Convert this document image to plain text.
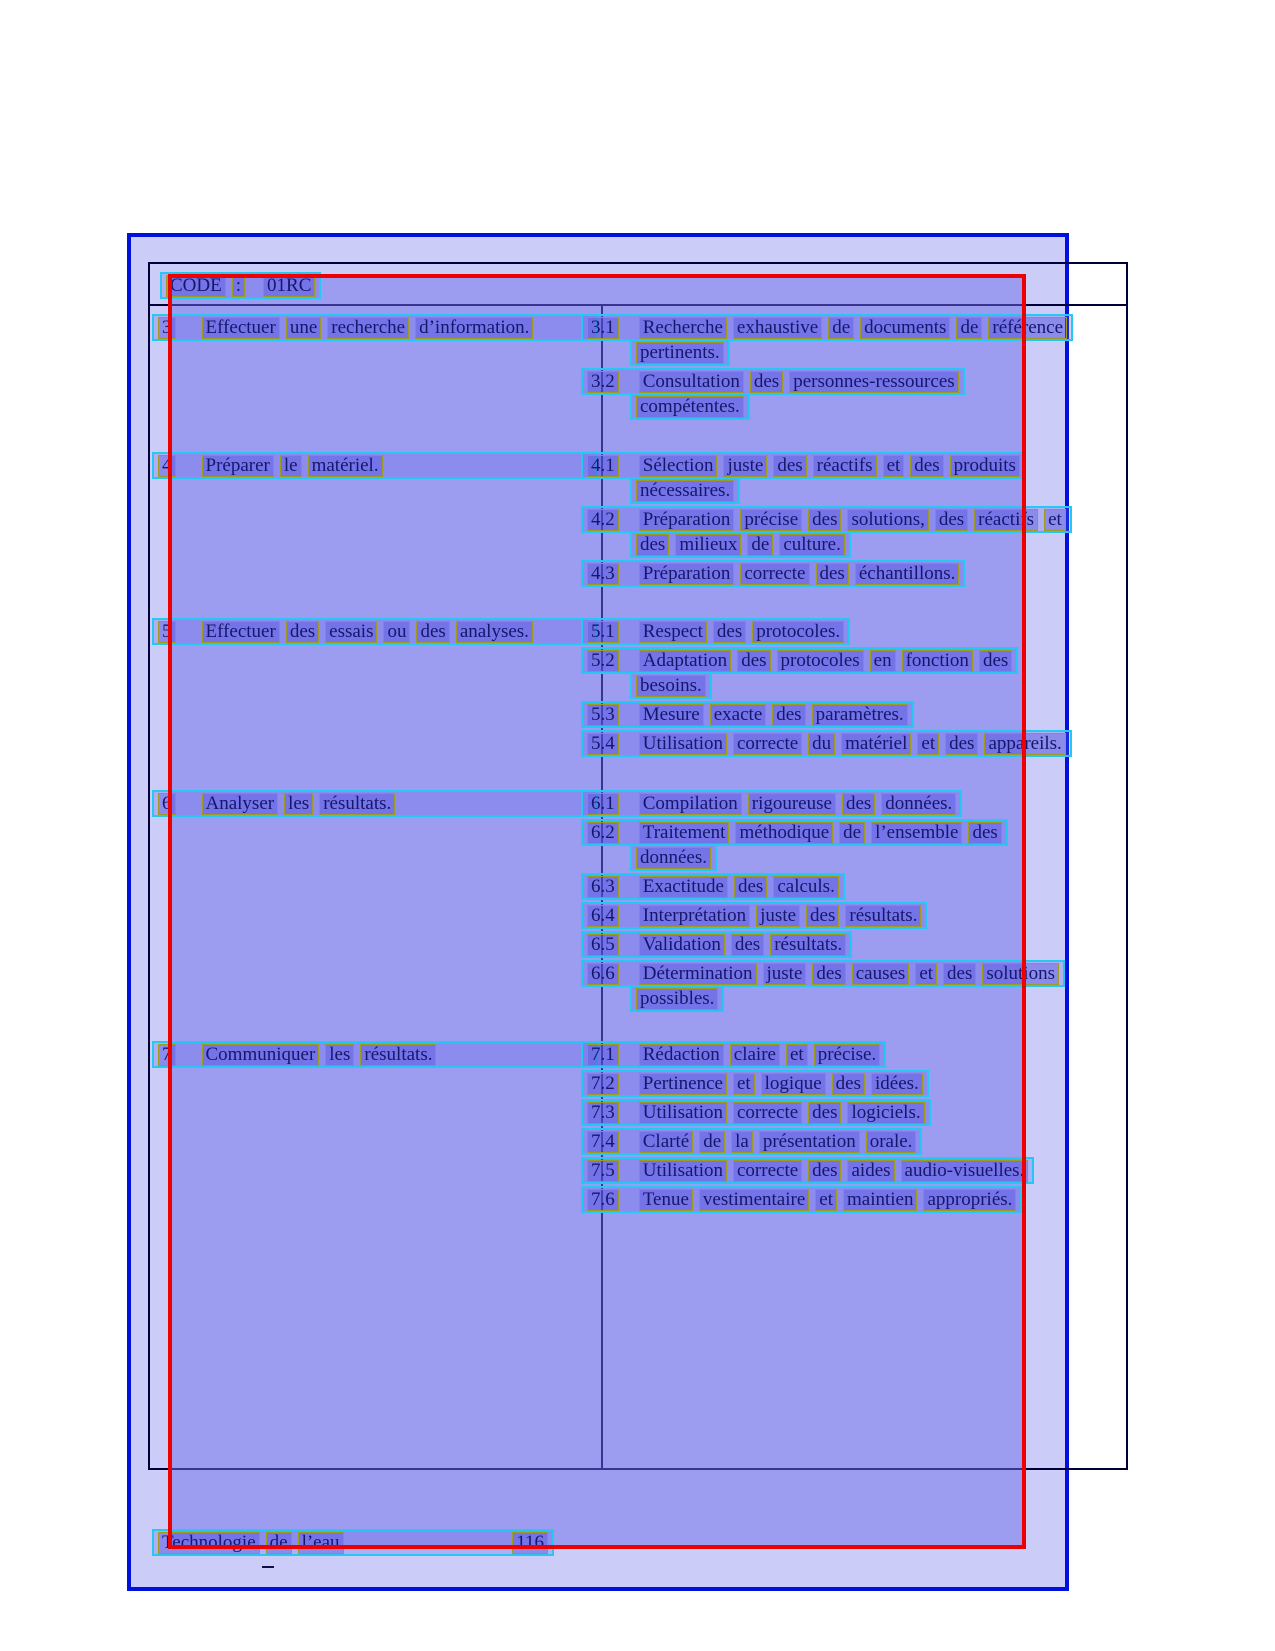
CODE : 01RC
3 Effectuer une recherche d’information.	3.1 Recherche exhaustive de documents de référence
pertinents.
3.2 Consultation des personnes-ressources
compétentes.
4 Préparer le matériel.	4.1 Sélection juste des réactifs et des produits
nécessaires.
4.2 Préparation précise des solutions, des réactifs et
des milieux de culture.
4.3 Préparation correcte des échantillons.
5 Effectuer des essais ou des analyses.	5.1 Respect des protocoles.
5.2 Adaptation des protocoles en fonction des
besoins.
5.3 Mesure exacte des paramètres.
5.4 Utilisation correcte du matériel et des appareils.
6 Analyser les résultats.	6.1 Compilation rigoureuse des données.
6.2 Traitement méthodique de l’ensemble des
données.
6.3 Exactitude des calculs.
6.4 Interprétation juste des résultats.
6.5 Validation des résultats.
6.6 Détermination juste des causes et des solutions
possibles.
7 Communiquer les résultats.	7.1 Rédaction claire et précise.
7.2 Pertinence et logique des idées.
7.3 Utilisation correcte des logiciels.
7.4 Clarté de la présentation orale.
7.5 Utilisation correcte des aides audio-visuelles.
7.6 Tenue vestimentaire et maintien appropriés.
Technologie de l’eau	116
